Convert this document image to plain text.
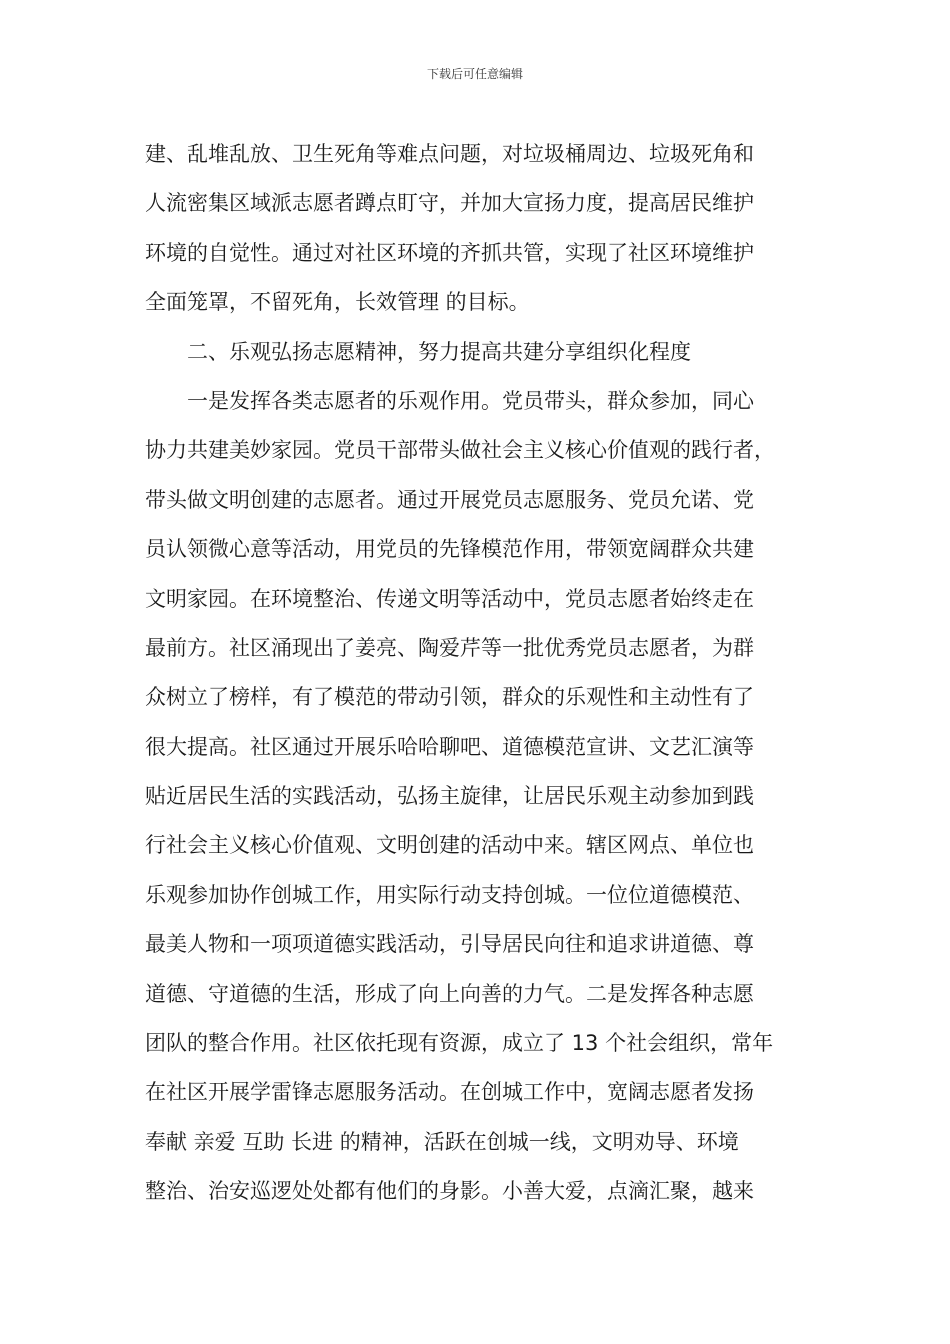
下载后可任意编辑
建、乱堆乱放、卫生死角等难点问题，对垃圾桶周边、垃圾死角和
人流密集区域派志愿者蹲点盯守，并加大宣扬力度，提高居民维护
环境的自觉性。通过对社区环境的齐抓共管，实现了社区环境维护
全面笼罩，不留死角，长效管理 的目标。
二、乐观弘扬志愿精神，努力提高共建分享组织化程度
一是发挥各类志愿者的乐观作用。党员带头，群众参加，同心
协力共建美妙家园。党员干部带头做社会主义核心价值观的践行者，
带头做文明创建的志愿者。通过开展党员志愿服务、党员允诺、党
员认领微心意等活动，用党员的先锋模范作用，带领宽阔群众共建
文明家园。在环境整治、传递文明等活动中，党员志愿者始终走在
最前方。社区涌现出了姜亮、陶爱芹等一批优秀党员志愿者，为群
众树立了榜样，有了模范的带动引领，群众的乐观性和主动性有了
很大提高。社区通过开展乐哈哈聊吧、道德模范宣讲、文艺汇演等
贴近居民生活的实践活动，弘扬主旋律，让居民乐观主动参加到践
行社会主义核心价值观、文明创建的活动中来。辖区网点、单位也
乐观参加协作创城工作，用实际行动支持创城。一位位道德模范、
最美人物和一项项道德实践活动，引导居民向往和追求讲道德、尊
道德、守道德的生活，形成了向上向善的力气。二是发挥各种志愿
团队的整合作用。社区依托现有资源，成立了 13 个社会组织，常年
在社区开展学雷锋志愿服务活动。在创城工作中，宽阔志愿者发扬
奉献 亲爱 互助 长进 的精神，活跃在创城一线，文明劝导、环境
整治、治安巡逻处处都有他们的身影。小善大爱，点滴汇聚，越来
